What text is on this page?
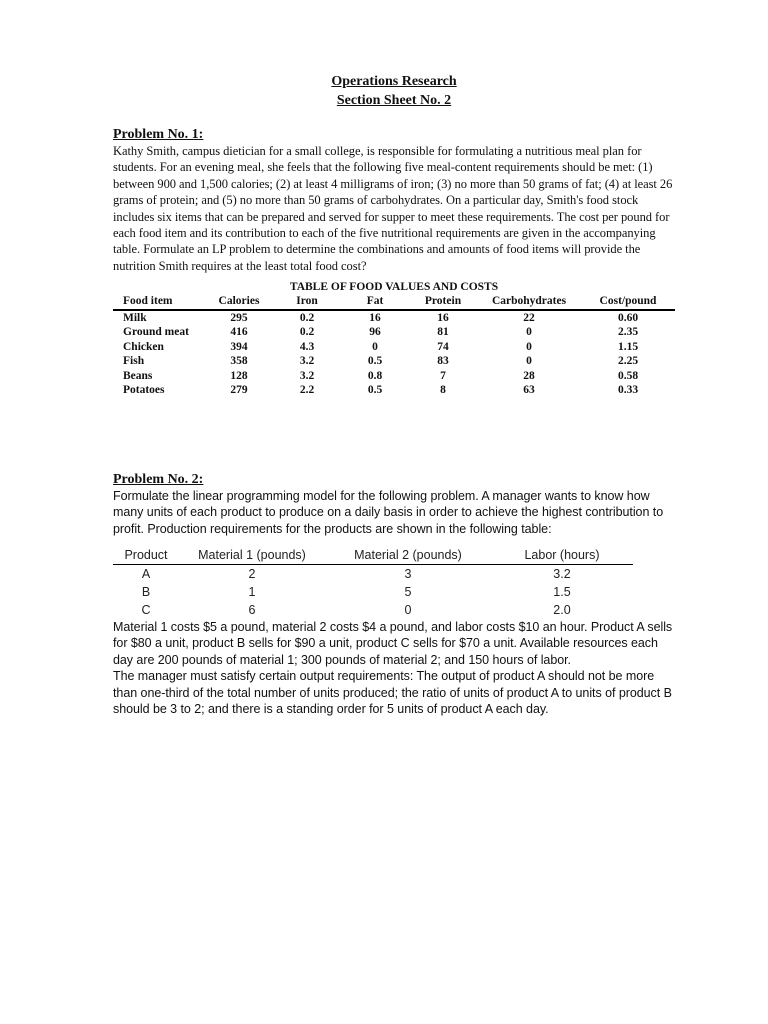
Operations Research
Section Sheet No. 2

Problem No. 1:

Kathy Smith, campus dietician for a small college, is responsible for formulating a nutritious meal plan for students. For an evening meal, she feels that the following five meal-content requirements should be met: (1) between 900 and 1,500 calories; (2) at least 4 milligrams of iron; (3) no more than 50 grams of fat; (4) at least 26 grams of protein; and (5) no more than 50 grams of carbohydrates. On a particular day, Smith's food stock includes six items that can be prepared and served for supper to meet these requirements. The cost per pound for each food item and its contribution to each of the five nutritional requirements are given in the accompanying table. Formulate an LP problem to determine the combinations and amounts of food items will provide the nutrition Smith requires at the least total food cost?

TABLE OF FOOD VALUES AND COSTS
Food item	Calories	Iron	Fat	Protein	Carbohydrates	Cost/pound
Milk	295	0.2	16	16	22	0.60
Ground meat	416	0.2	96	81	0	2.35
Chicken	394	4.3	0	74	0	1.15
Fish	358	3.2	0.5	83	0	2.25
Beans	128	3.2	0.8	7	28	0.58
Potatoes	279	2.2	0.5	8	63	0.33

Problem No. 2:

Formulate the linear programming model for the following problem. A manager wants to know how many units of each product to produce on a daily basis in order to achieve the highest contribution to profit. Production requirements for the products are shown in the following table:

Product	Material 1 (pounds)	Material 2 (pounds)	Labor (hours)
A	2	3	3.2
B	1	5	1.5
C	6	0	2.0

Material 1 costs $5 a pound, material 2 costs $4 a pound, and labor costs $10 an hour. Product A sells for $80 a unit, product B sells for $90 a unit, product C sells for $70 a unit. Available resources each day are 200 pounds of material 1; 300 pounds of material 2; and 150 hours of labor.

The manager must satisfy certain output requirements: The output of product A should not be more than one-third of the total number of units produced; the ratio of units of product A to units of product B should be 3 to 2; and there is a standing order for 5 units of product A each day.
